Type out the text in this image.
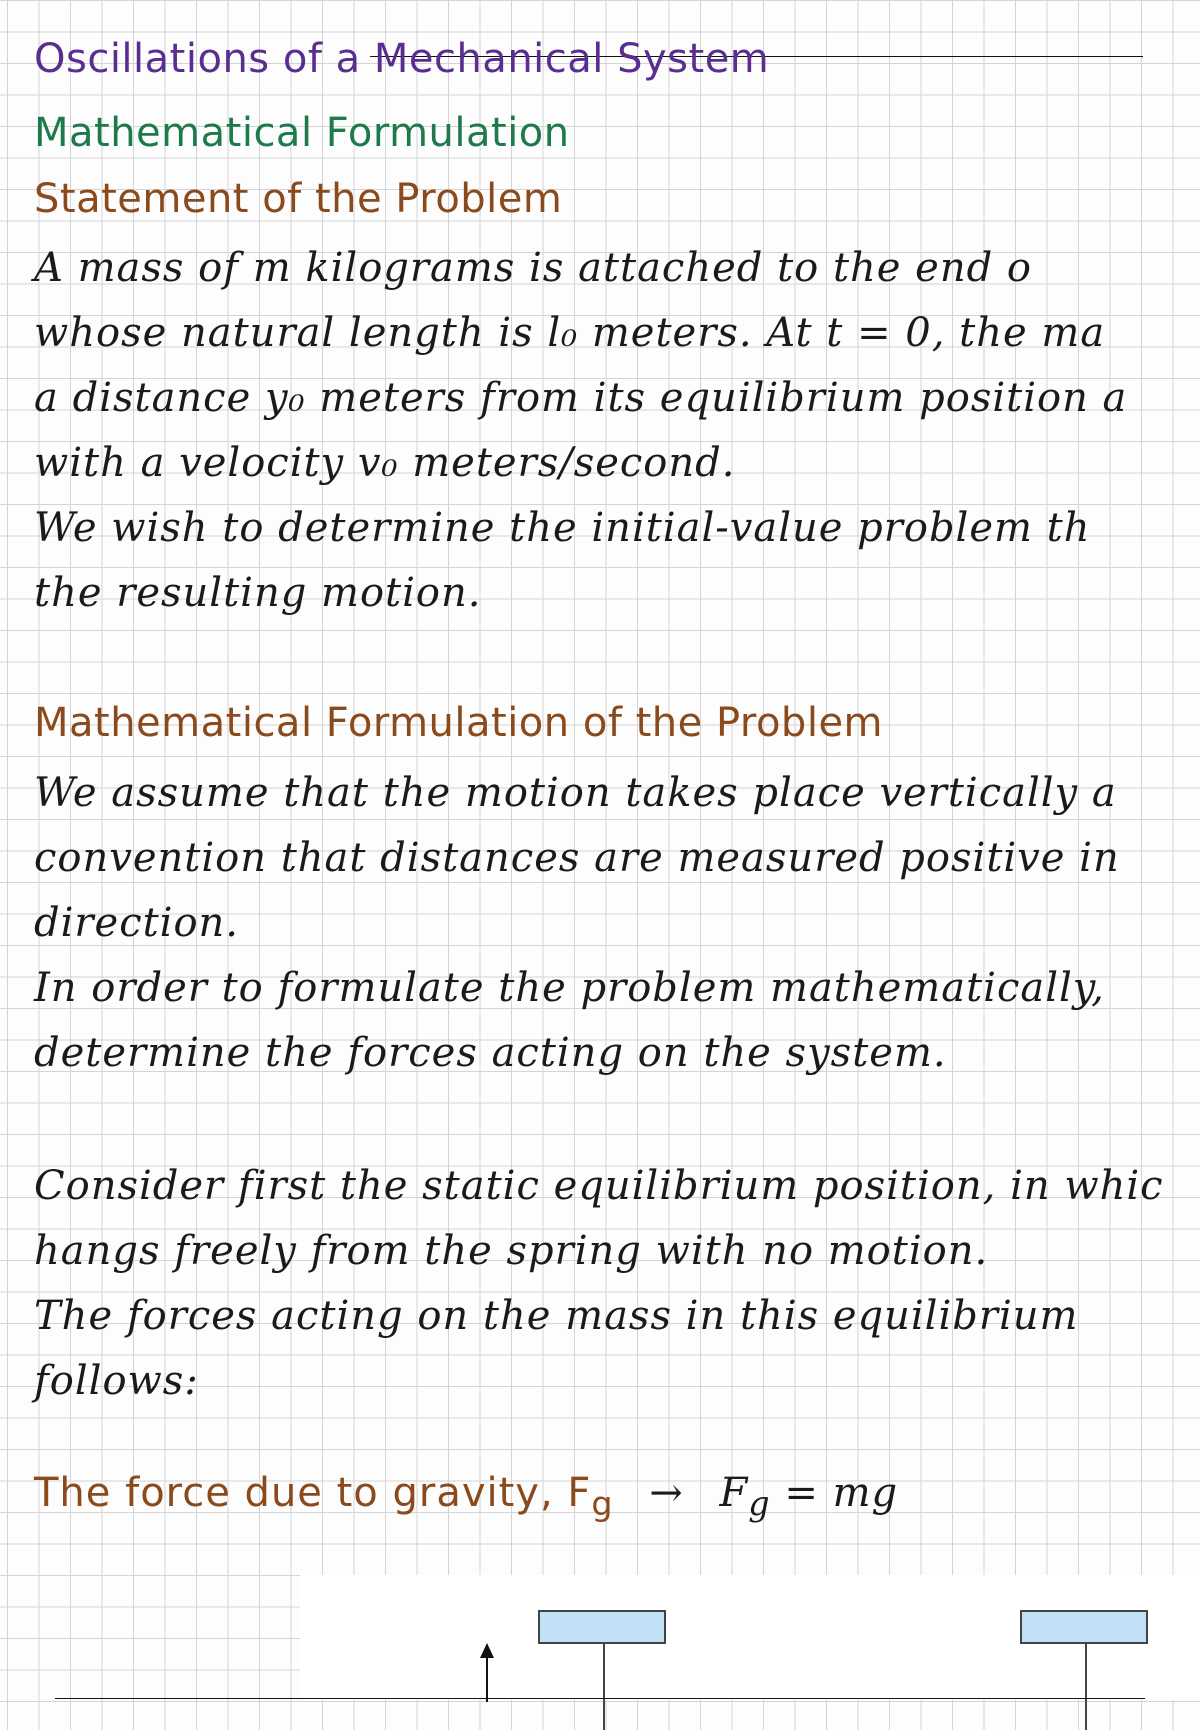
Oscillations of a Mechanical System
Mathematical Formulation
Statement of the Problem
A mass of m kilograms is attached to the end o
whose natural length is l₀ meters. At t = 0, the ma
a distance y₀ meters from its equilibrium position a
with a velocity v₀ meters/second.
We wish to determine the initial-value problem th
the resulting motion.
Mathematical Formulation of the Problem
We assume that the motion takes place vertically a
convention that distances are measured positive in
direction.
In order to formulate the problem mathematically,
determine the forces acting on the system.
Consider first the static equilibrium position, in whic
hangs freely from the spring with no motion.
The forces acting on the mass in this equilibrium
follows:
The force due to gravity, $F_g \to F_g$ = mg
